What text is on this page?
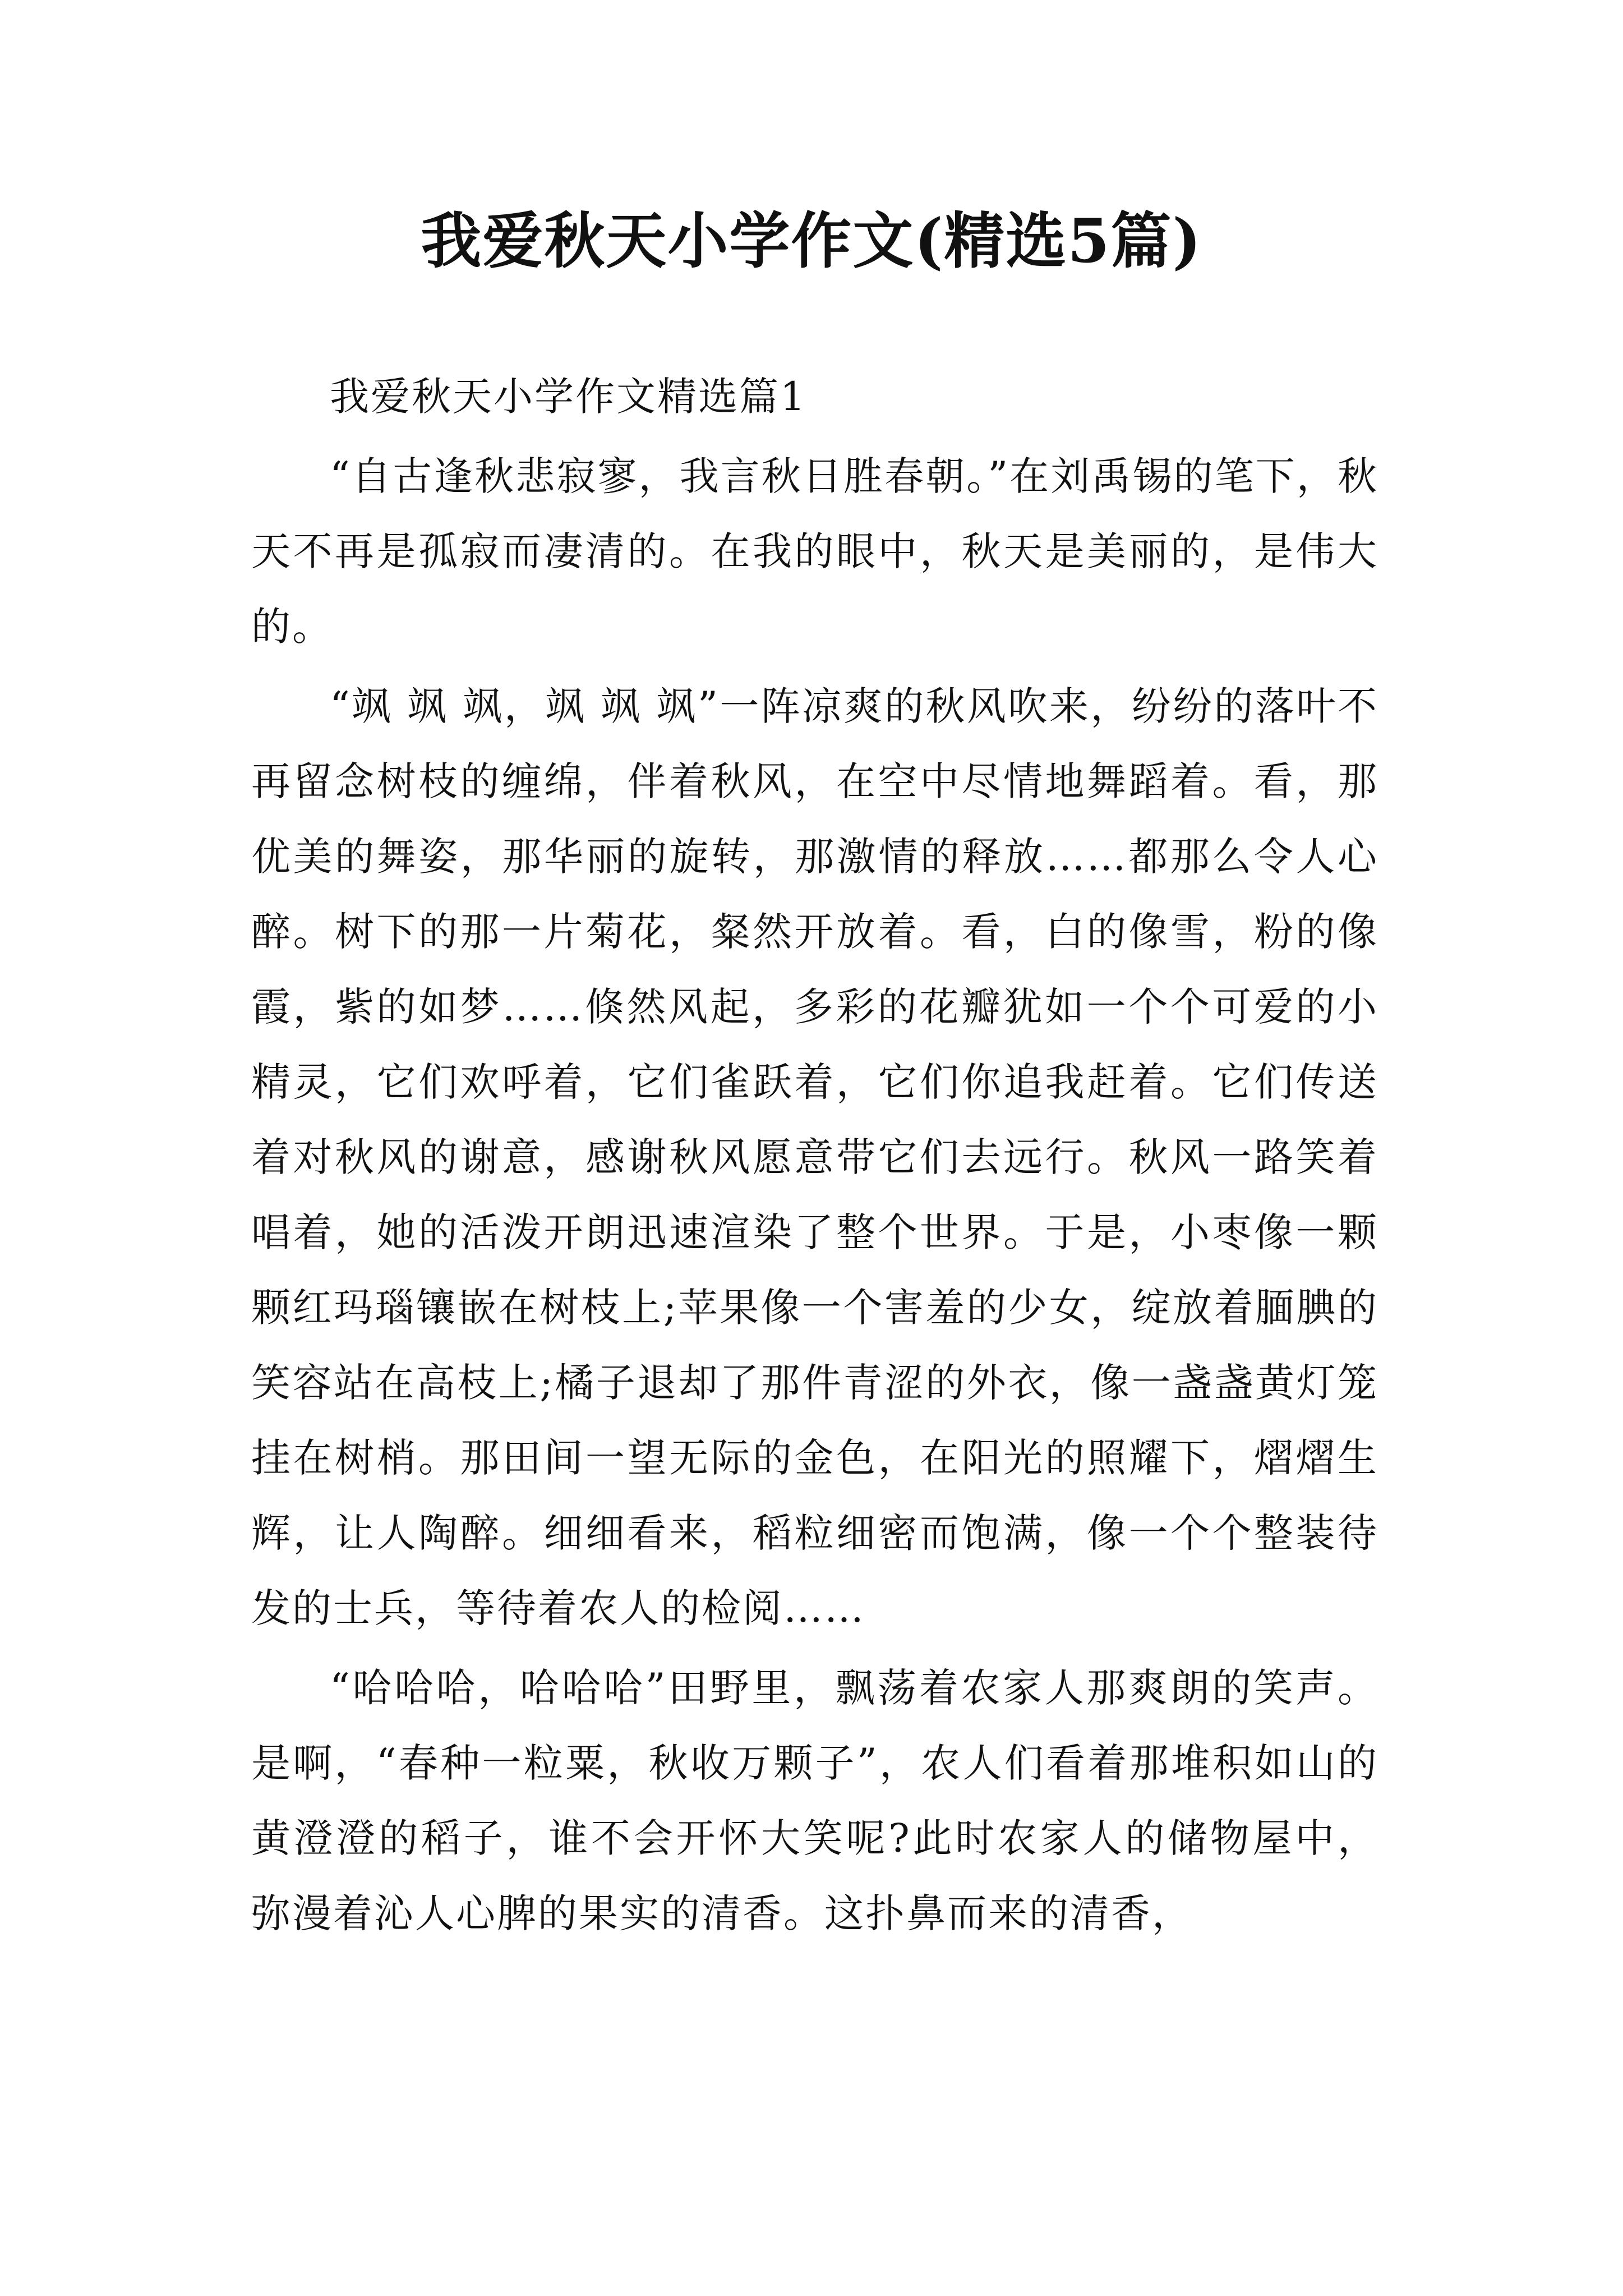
我爱秋天小学作文(精选5篇)

我爱秋天小学作文精选篇1

“自古逢秋悲寂寥，我言秋日胜春朝。”在刘禹锡的笔下，秋天不再是孤寂而凄清的。在我的眼中，秋天是美丽的，是伟大的。

“飒 飒 飒，飒 飒 飒”一阵凉爽的秋风吹来，纷纷的落叶不再留念树枝的缠绵，伴着秋风，在空中尽情地舞蹈着。看，那优美的舞姿，那华丽的旋转，那激情的释放……都那么令人心醉。树下的那一片菊花，粲然开放着。看，白的像雪，粉的像霞，紫的如梦……倏然风起，多彩的花瓣犹如一个个可爱的小精灵，它们欢呼着，它们雀跃着，它们你追我赶着。它们传送着对秋风的谢意，感谢秋风愿意带它们去远行。秋风一路笑着唱着，她的活泼开朗迅速渲染了整个世界。于是，小枣像一颗颗红玛瑙镶嵌在树枝上;苹果像一个害羞的少女，绽放着腼腆的笑容站在高枝上;橘子退却了那件青涩的外衣，像一盏盏黄灯笼挂在树梢。那田间一望无际的金色，在阳光的照耀下，熠熠生辉，让人陶醉。细细看来，稻粒细密而饱满，像一个个整装待发的士兵，等待着农人的检阅……

“哈哈哈，哈哈哈”田野里，飘荡着农家人那爽朗的笑声。是啊，“春种一粒粟，秋收万颗子”，农人们看着那堆积如山的黄澄澄的稻子，谁不会开怀大笑呢?此时农家人的储物屋中，弥漫着沁人心脾的果实的清香。这扑鼻而来的清香，
